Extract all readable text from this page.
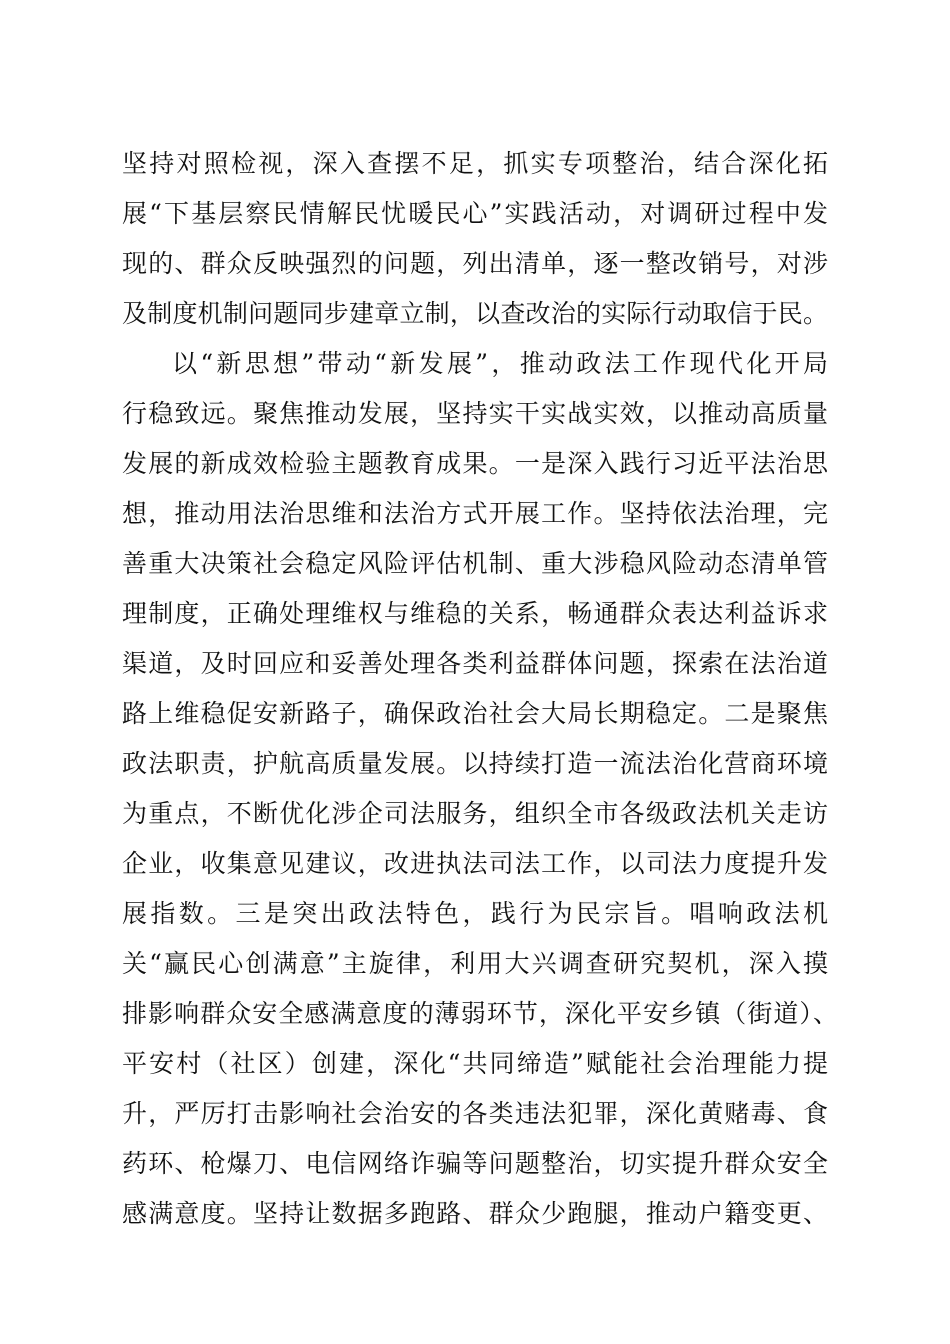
坚持对照检视，深入查摆不足，抓实专项整治，结合深化拓
展“下基层察民情解民忧暖民心”实践活动，对调研过程中发
现的、群众反映强烈的问题，列出清单，逐一整改销号，对涉
及制度机制问题同步建章立制，以查改治的实际行动取信于民。
以“新思想”带动“新发展”，推动政法工作现代化开局
行稳致远。聚焦推动发展，坚持实干实战实效，以推动高质量
发展的新成效检验主题教育成果。一是深入践行习近平法治思
想，推动用法治思维和法治方式开展工作。坚持依法治理，完
善重大决策社会稳定风险评估机制、重大涉稳风险动态清单管
理制度，正确处理维权与维稳的关系，畅通群众表达利益诉求
渠道，及时回应和妥善处理各类利益群体问题，探索在法治道
路上维稳促安新路子，确保政治社会大局长期稳定。二是聚焦
政法职责，护航高质量发展。以持续打造一流法治化营商环境
为重点，不断优化涉企司法服务，组织全市各级政法机关走访
企业，收集意见建议，改进执法司法工作，以司法力度提升发
展指数。三是突出政法特色，践行为民宗旨。唱响政法机
关“赢民心创满意”主旋律，利用大兴调查研究契机，深入摸
排影响群众安全感满意度的薄弱环节，深化平安乡镇（街道）、
平安村（社区）创建，深化“共同缔造”赋能社会治理能力提
升，严厉打击影响社会治安的各类违法犯罪，深化黄赌毒、食
药环、枪爆刀、电信网络诈骗等问题整治，切实提升群众安全
感满意度。坚持让数据多跑路、群众少跑腿，推动户籍变更、
